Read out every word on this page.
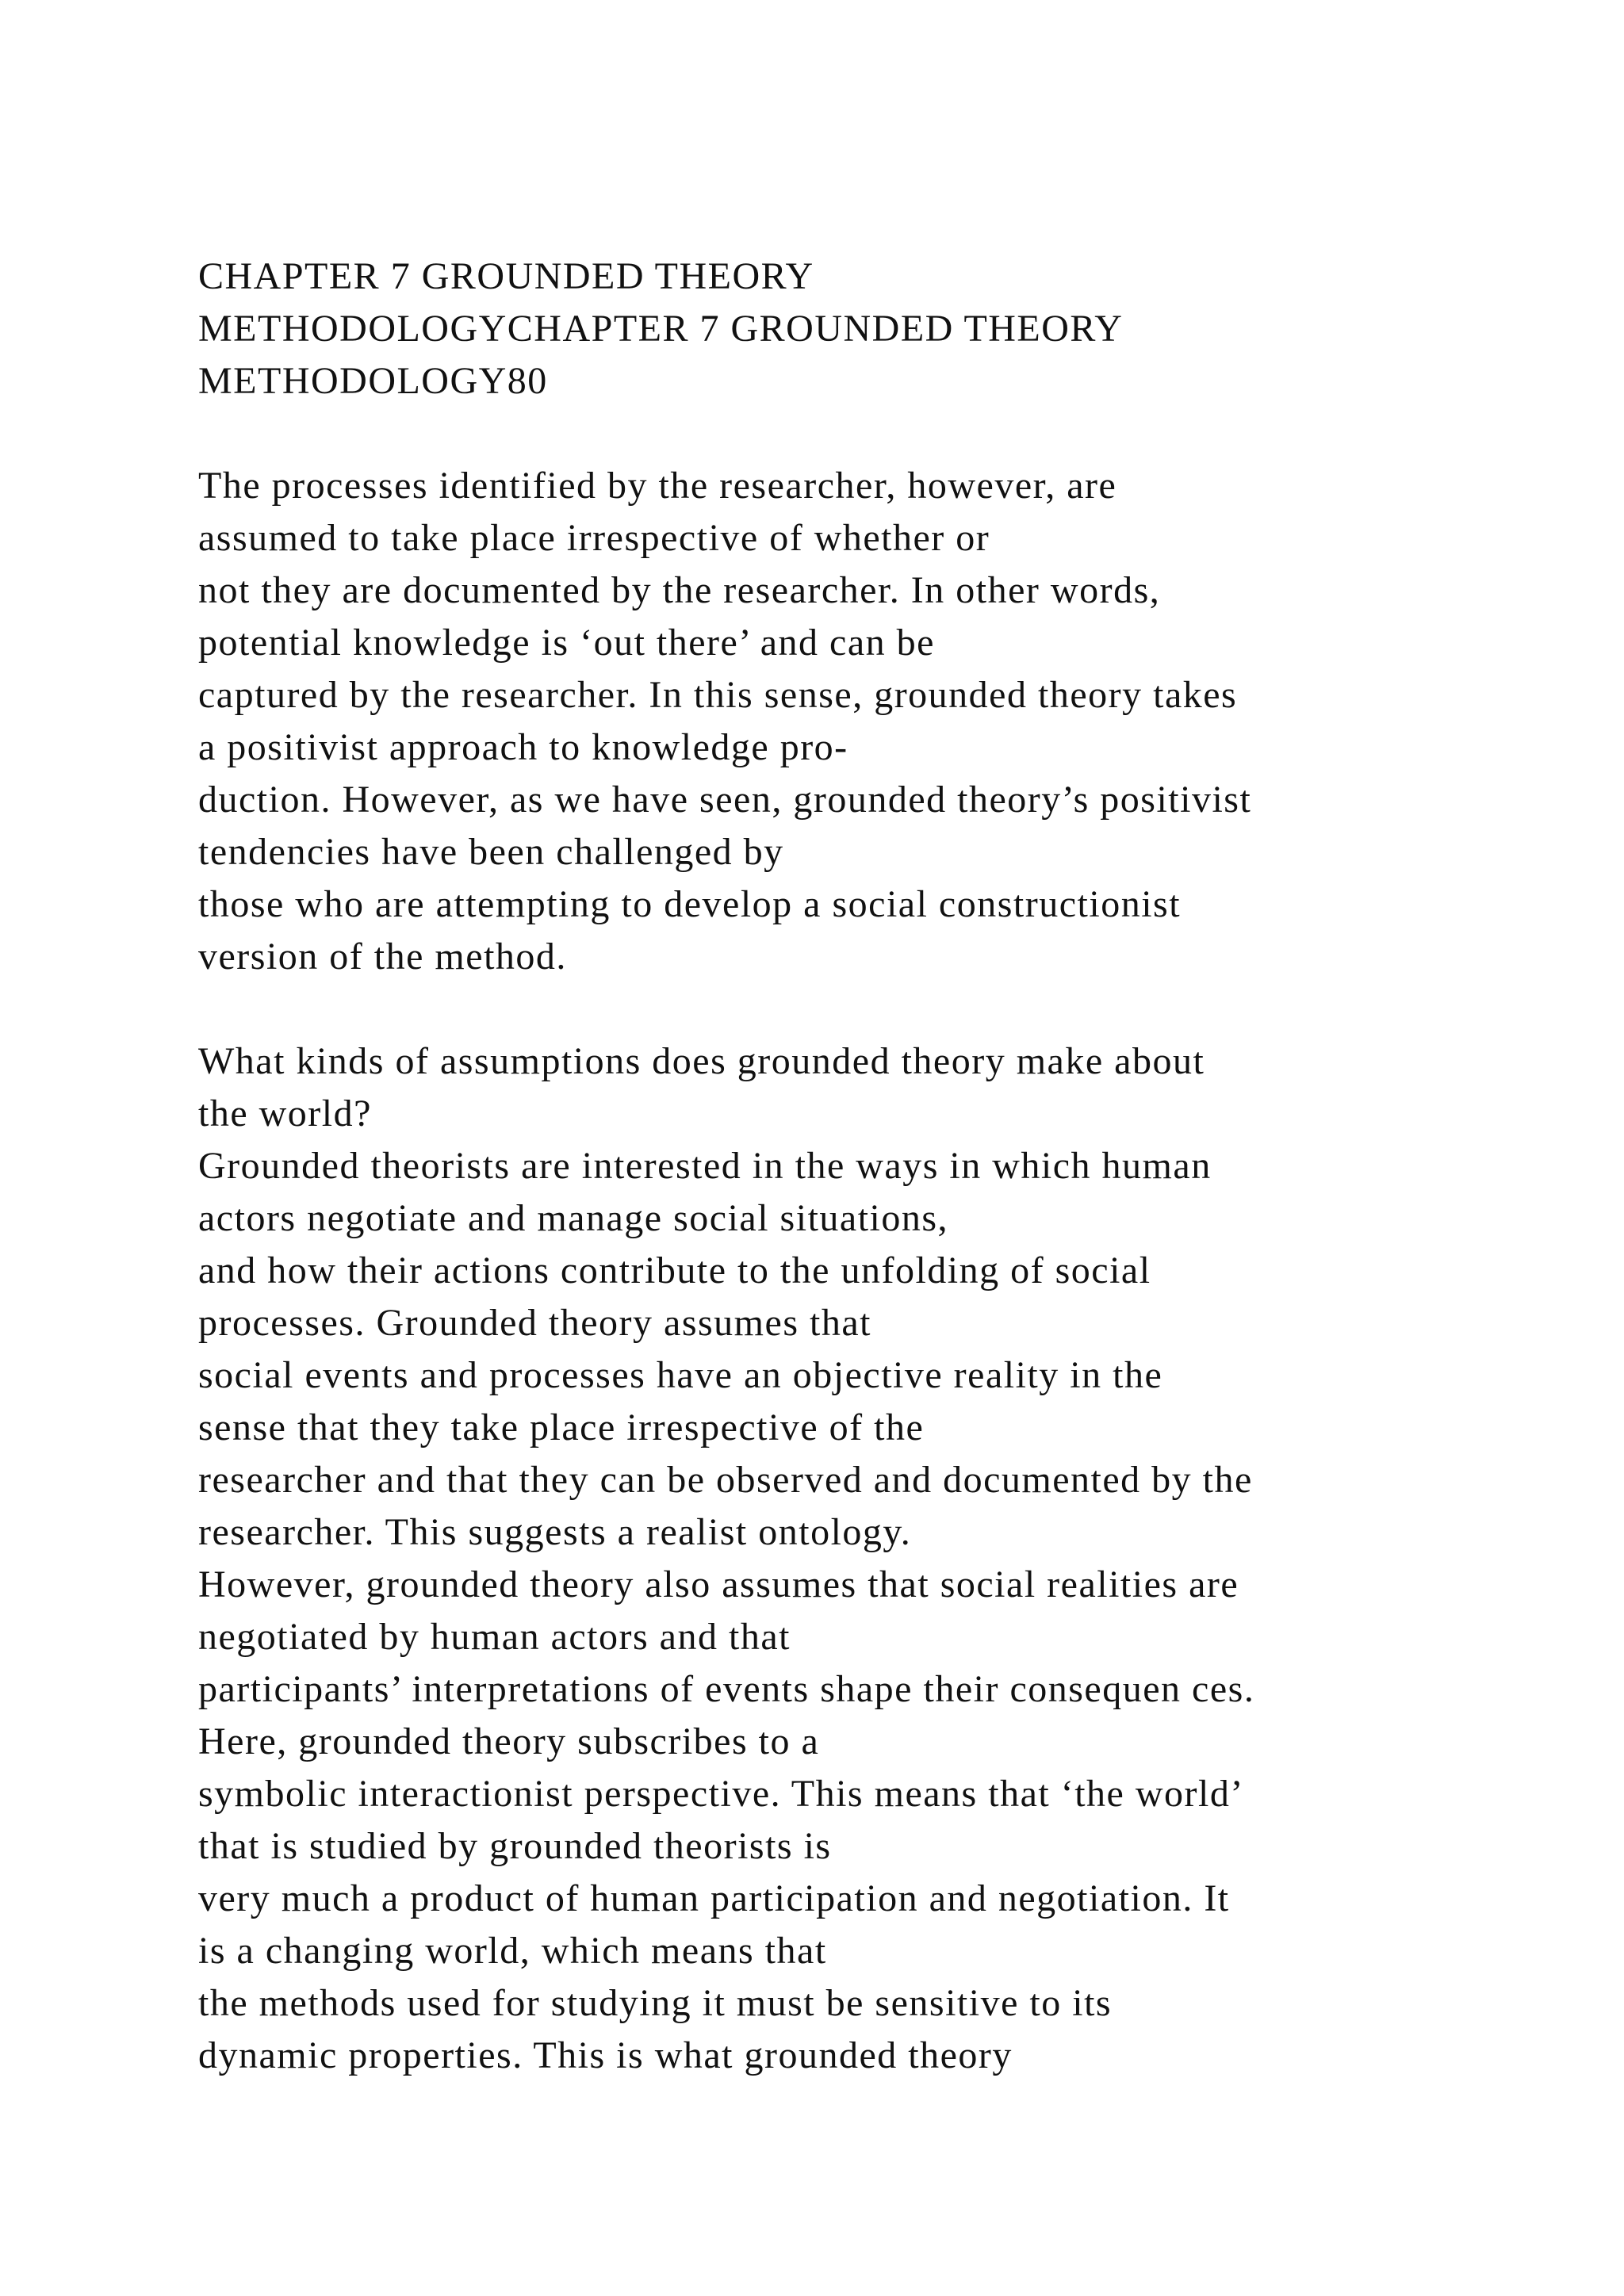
CHAPTER 7 GROUNDED THEORY
METHODOLOGYCHAPTER 7 GROUNDED THEORY
METHODOLOGY80
The processes identified by the researcher, however, are
assumed to take place irrespective of whether or
not they are documented by the researcher. In other words,
potential knowledge is ‘out there’ and can be
captured by the researcher. In this sense, grounded theory takes
a positivist approach to knowledge pro-
duction. However, as we have seen, grounded theory’s positivist
tendencies have been challenged by
those who are attempting to develop a social constructionist
version of the method.
What kinds of assumptions does grounded theory make about
the world?
Grounded theorists are interested in the ways in which human
actors negotiate and manage social situations,
and how their actions contribute to the unfolding of social
processes. Grounded theory assumes that
social events and processes have an objective reality in the
sense that they take place irrespective of the
researcher and that they can be observed and documented by the
researcher. This suggests a realist ontology.
However, grounded theory also assumes that social realities are
negotiated by human actors and that
participants’ interpretations of events shape their consequen ces.
Here, grounded theory subscribes to a
symbolic interactionist perspective. This means that ‘the world’
that is studied by grounded theorists is
very much a product of human participation and negotiation. It
is a changing world, which means that
the methods used for studying it must be sensitive to its
dynamic properties. This is what grounded theory
